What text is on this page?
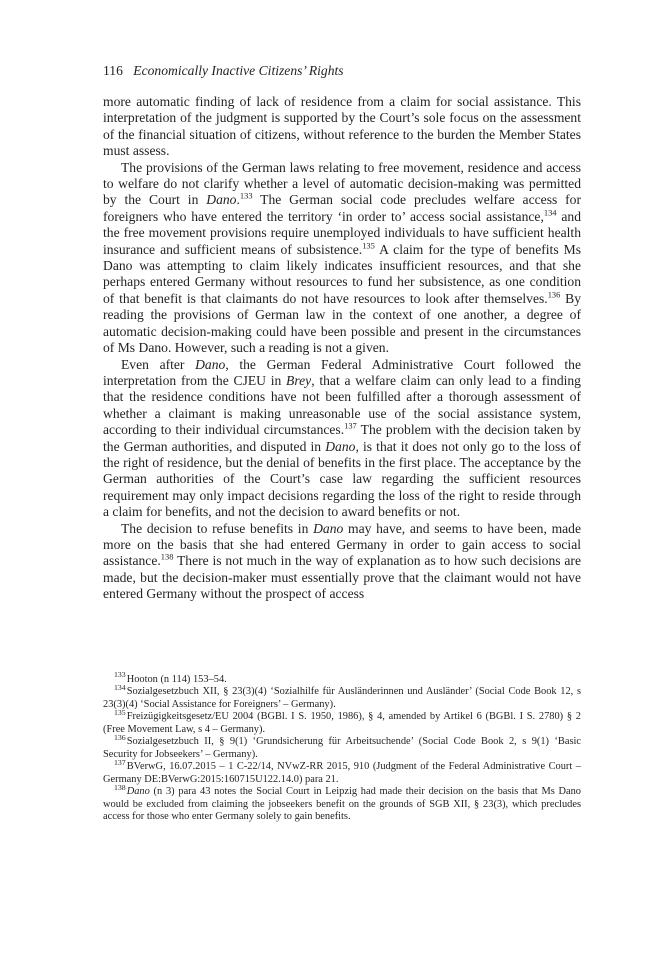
116 Economically Inactive Citizens’ Rights

more automatic finding of lack of residence from a claim for social assistance. This interpretation of the judgment is supported by the Court’s sole focus on the assessment of the financial situation of citizens, without reference to the burden the Member States must assess.

The provisions of the German laws relating to free movement, residence and access to welfare do not clarify whether a level of automatic decision-making was permitted by the Court in Dano.$^{133}$ The German social code precludes welfare access for foreigners who have entered the territory ‘in order to’ access social assistance,$^{134}$ and the free movement provisions require unemployed individuals to have sufficient health insurance and sufficient means of subsistence.$^{135}$ A claim for the type of benefits Ms Dano was attempting to claim likely indicates insufficient resources, and that she perhaps entered Germany without resources to fund her subsistence, as one condition of that benefit is that claimants do not have resources to look after themselves.$^{136}$ By reading the provisions of German law in the context of one another, a degree of automatic decision-making could have been possible and present in the circumstances of Ms Dano. However, such a reading is not a given.

Even after Dano, the German Federal Administrative Court followed the interpretation from the CJEU in Brey, that a welfare claim can only lead to a finding that the residence conditions have not been fulfilled after a thorough assessment of whether a claimant is making unreasonable use of the social assistance system, according to their individual circumstances.$^{137}$ The problem with the decision taken by the German authorities, and disputed in Dano, is that it does not only go to the loss of the right of residence, but the denial of benefits in the first place. The acceptance by the German authorities of the Court’s case law regarding the sufficient resources requirement may only impact decisions regarding the loss of the right to reside through a claim for benefits, and not the decision to award benefits or not.

The decision to refuse benefits in Dano may have, and seems to have been, made more on the basis that she had entered Germany in order to gain access to social assistance.$^{138}$ There is not much in the way of explanation as to how such decisions are made, but the decision-maker must essentially prove that the claimant would not have entered Germany without the prospect of access

$^{133}$Hooton (n 114) 153–54.

$^{134}$Sozialgesetzbuch XII, § 23(3)(4) ‘Sozialhilfe für Ausländerinnen und Ausländer’ (Social Code Book 12, s 23(3)(4) ‘Social Assistance for Foreigners’ – Germany).

$^{135}$Freizügigkeitsgesetz/EU 2004 (BGBl. I S. 1950, 1986), § 4, amended by Artikel 6 (BGBl. I S. 2780) § 2 (Free Movement Law, s 4 – Germany).

$^{136}$Sozialgesetzbuch II, § 9(1) ‘Grundsicherung für Arbeitsuchende’ (Social Code Book 2, s 9(1) ‘Basic Security for Jobseekers’ – Germany).

$^{137}$BVerwG, 16.07.2015 – 1 C-22/14, NVwZ-RR 2015, 910 (Judgment of the Federal Administrative Court – Germany DE:BVerwG:2015:160715U122.14.0) para 21.

$^{138}$Dano (n 3) para 43 notes the Social Court in Leipzig had made their decision on the basis that Ms Dano would be excluded from claiming the jobseekers benefit on the grounds of SGB XII, § 23(3), which precludes access for those who enter Germany solely to gain benefits.
